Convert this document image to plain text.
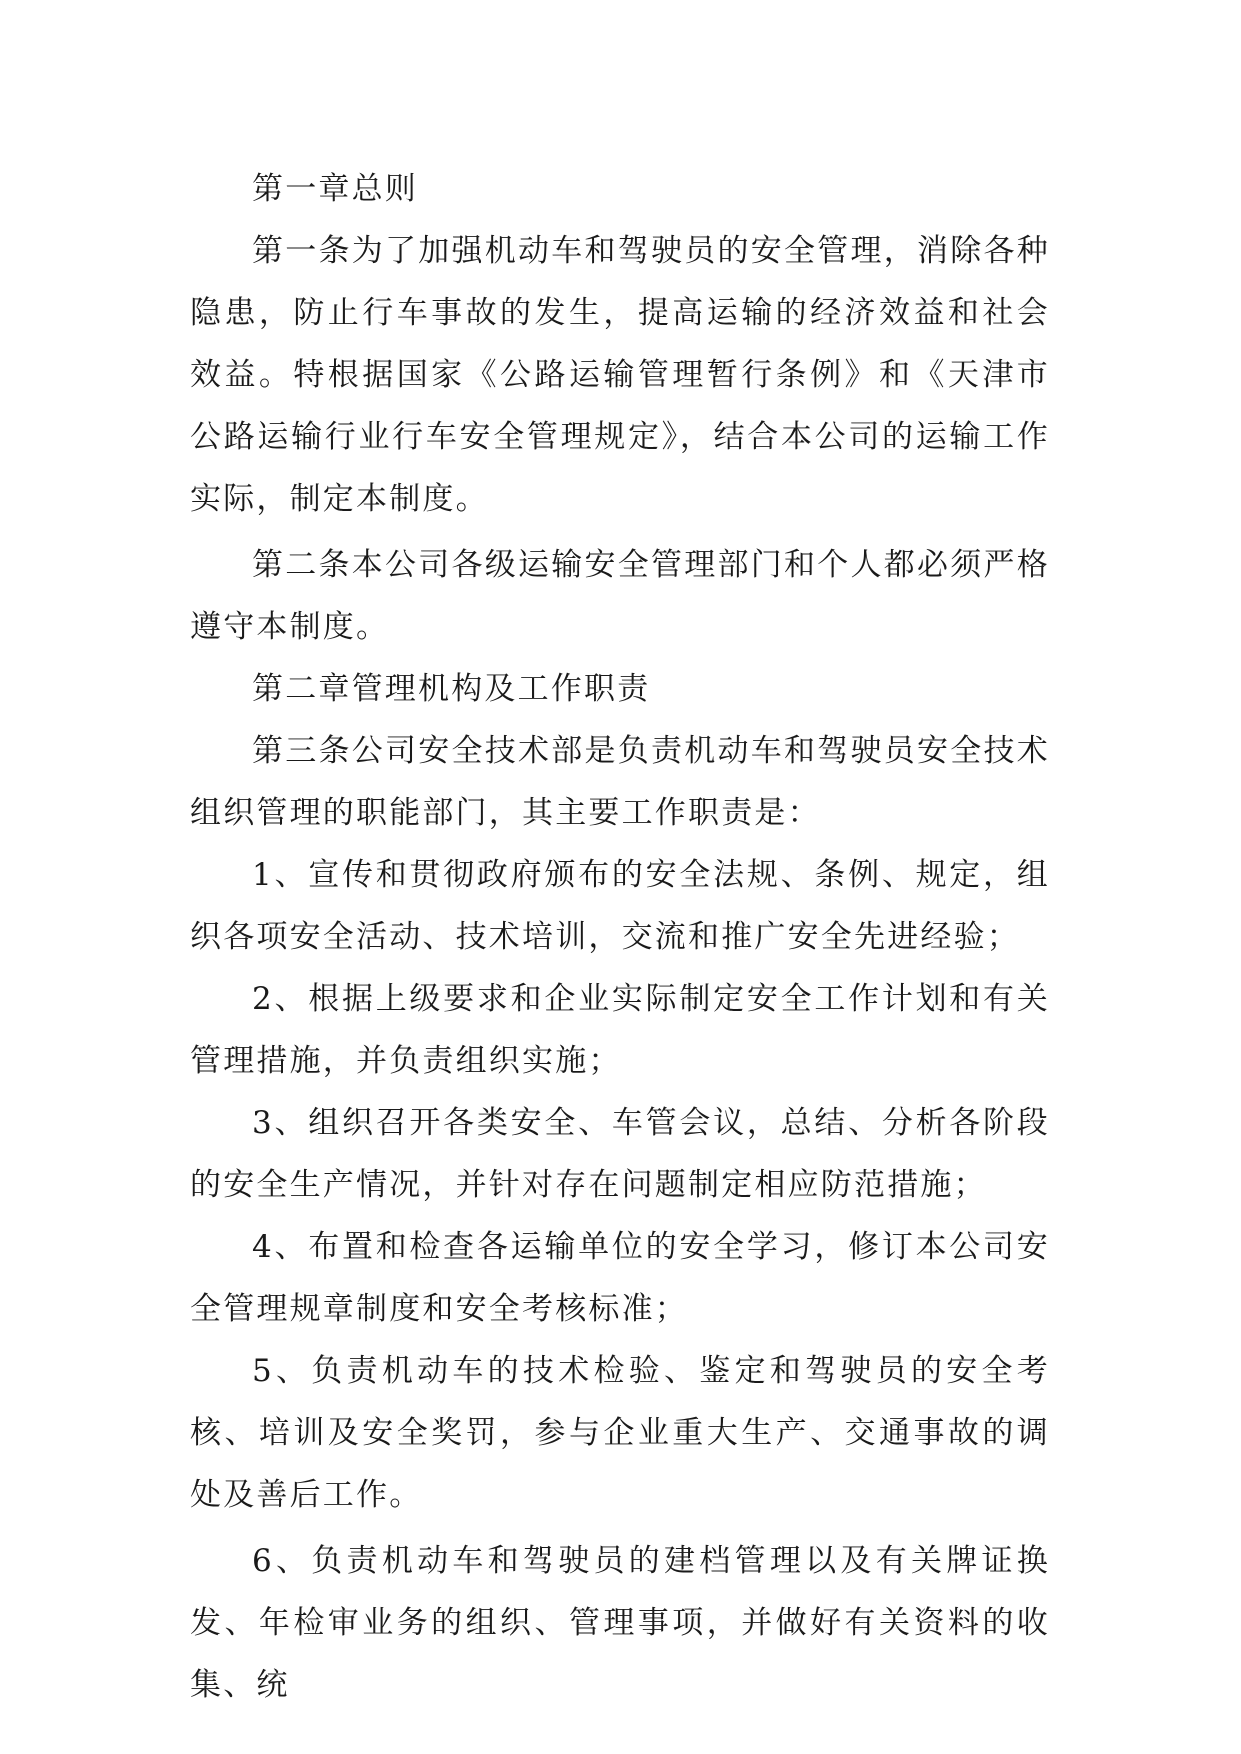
第一章总则

第一条为了加强机动车和驾驶员的安全管理，消除各种隐患，防止行车事故的发生，提高运输的经济效益和社会效益。特根据国家《公路运输管理暂行条例》和《天津市公路运输行业行车安全管理规定》，结合本公司的运输工作实际，制定本制度。

第二条本公司各级运输安全管理部门和个人都必须严格遵守本制度。

第二章管理机构及工作职责

第三条公司安全技术部是负责机动车和驾驶员安全技术组织管理的职能部门，其主要工作职责是：

1、宣传和贯彻政府颁布的安全法规、条例、规定，组织各项安全活动、技术培训，交流和推广安全先进经验；

2、根据上级要求和企业实际制定安全工作计划和有关管理措施，并负责组织实施；

3、组织召开各类安全、车管会议，总结、分析各阶段的安全生产情况，并针对存在问题制定相应防范措施；

4、布置和检查各运输单位的安全学习，修订本公司安全管理规章制度和安全考核标准；

5、负责机动车的技术检验、鉴定和驾驶员的安全考核、培训及安全奖罚，参与企业重大生产、交通事故的调处及善后工作。

6、负责机动车和驾驶员的建档管理以及有关牌证换发、年检审业务的组织、管理事项，并做好有关资料的收集、统
